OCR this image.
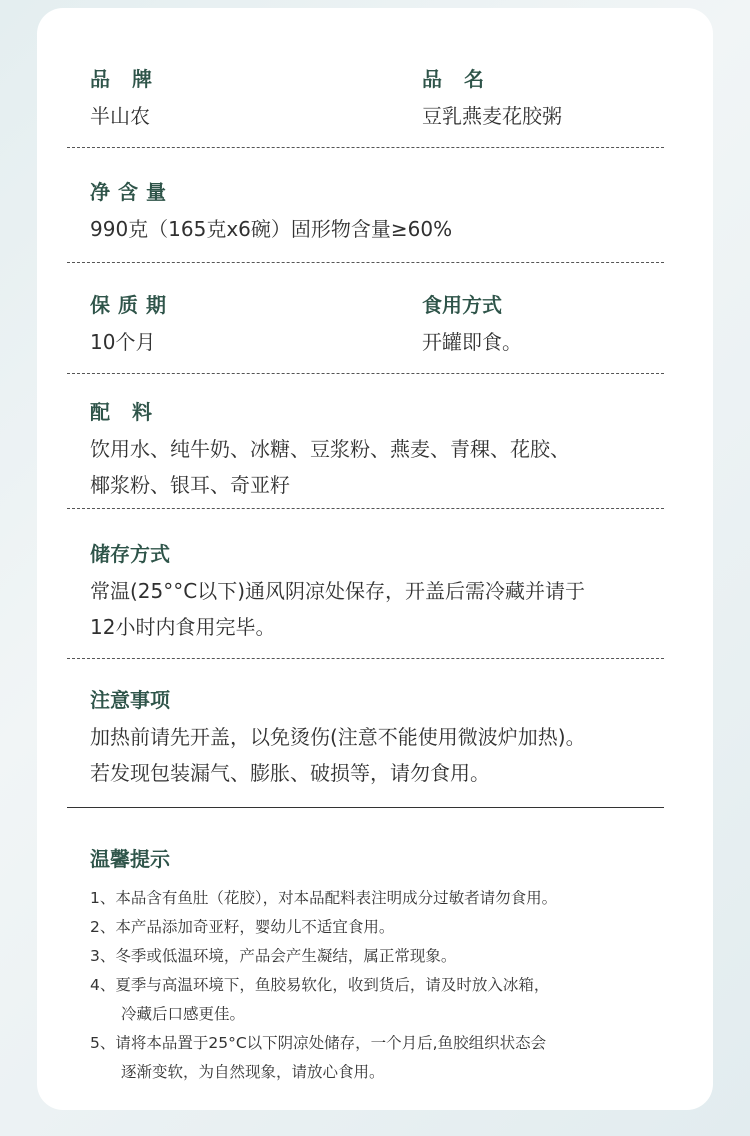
品牌
半山农
品名
豆乳燕麦花胶粥
净含量
990克（165克x6碗）固形物含量≥60%
保质期
10个月
食用方式
开罐即食。
配料
饮用水、纯牛奶、冰糖、豆浆粉、燕麦、青稞、花胶、
椰浆粉、银耳、奇亚籽
储存方式
常温(25°°C以下)通风阴凉处保存，开盖后需冷藏并请于
12小时内食用完毕。
注意事项
加热前请先开盖，以免烫伤(注意不能使用微波炉加热)。
若发现包装漏气、膨胀、破损等，请勿食用。
温馨提示
1、本品含有鱼肚（花胶），对本品配料表注明成分过敏者请勿食用。
2、本产品添加奇亚籽，婴幼儿不适宜食用。
3、冬季或低温环境，产品会产生凝结，属正常现象。
4、夏季与高温环境下，鱼胶易软化，收到货后，请及时放入冰箱，
冷藏后口感更佳。
5、请将本品置于25°C以下阴凉处储存，一个月后,鱼胶组织状态会
逐渐变软，为自然现象，请放心食用。
